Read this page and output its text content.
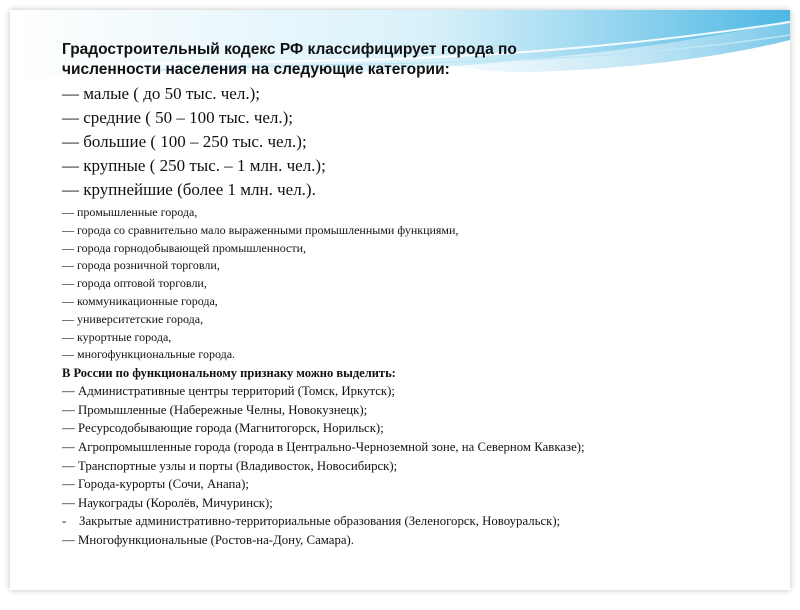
Градостроительный кодекс РФ классифицирует города по
численности населения на следующие категории:
— малые ( до 50 тыс. чел.);
— средние ( 50 – 100 тыс. чел.);
— большие ( 100 – 250 тыс. чел.);
— крупные ( 250 тыс. – 1 млн. чел.);
— крупнейшие (более 1 млн. чел.).
— промышленные города,
— города со сравнительно мало выраженными промышленными функциями,
— города горнодобывающей промышленности,
— города розничной торговли,
— города оптовой торговли,
— коммуникационные города,
— университетские города,
— курортные города,
— многофункциональные города.
В России по функциональному признаку можно выделить:
— Административные центры территорий (Томск, Иркутск);
— Промышленные (Набережные Челны, Новокузнецк);
— Ресурсодобывающие города (Магнитогорск, Норильск);
— Агропромышленные города (города в Центрально-Черноземной зоне, на Северном Кавказе);
— Транспортные узлы и порты (Владивосток, Новосибирск);
— Города-курорты (Сочи, Анапа);
— Наукограды (Королёв, Мичуринск);
-    Закрытые административно-территориальные образования (Зеленогорск, Новоуральск);
— Многофункциональные (Ростов-на-Дону, Самара).
